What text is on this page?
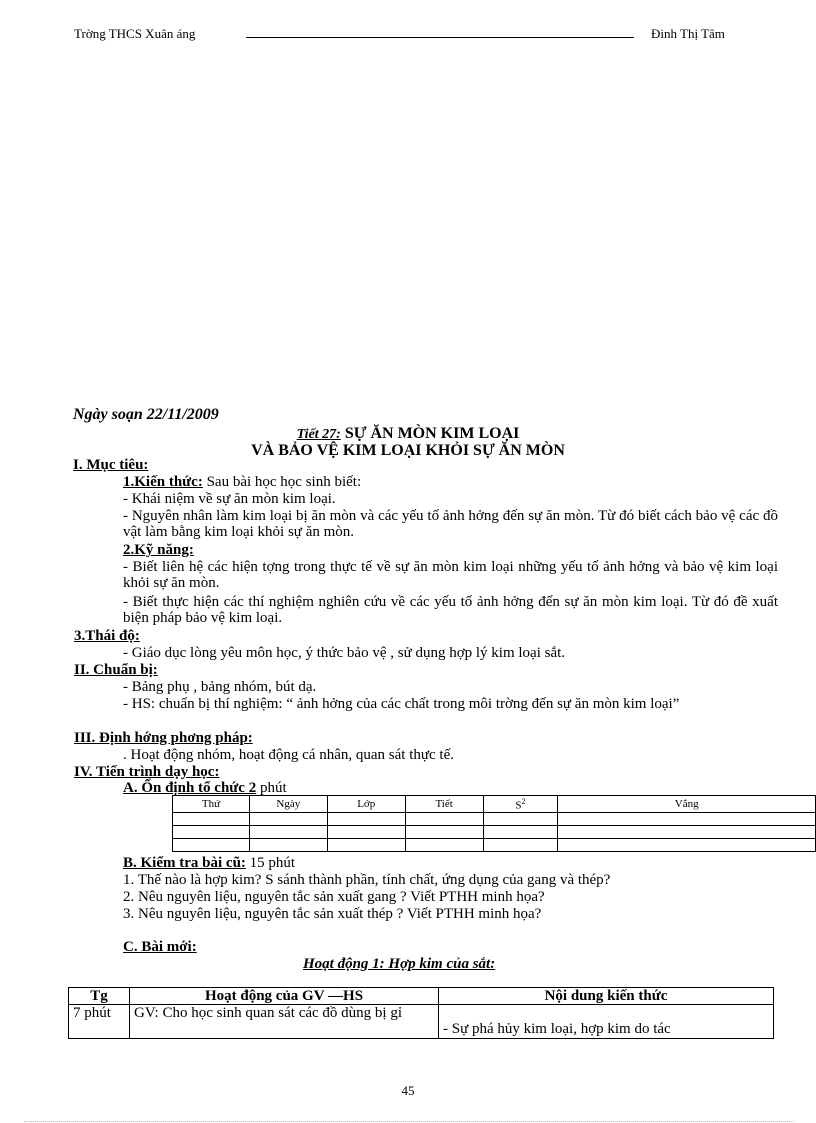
Trờng THCS Xuân áng	Đinh Thị Tâm
Ngày soạn 22/11/2009
Tiết 27: SỰ ĂN MÒN KIM LOẠI
VÀ BẢO VỆ KIM LOẠI KHỎI SỰ ĂN MÒN
I. Mục tiêu:
1.Kiến thức: Sau bài học học sinh biết:
- Khái niệm về sự ăn mòn kim loại.
- Nguyên nhân làm kim loại bị ăn mòn và các yếu tố ảnh hởng đến sự ăn mòn. Từ đó biết cách bảo vệ các đồ vật làm bằng kim loại khỏi sự ăn mòn.
2.Kỹ năng:
- Biết liên hệ các hiện tợng trong thực tế về sự ăn mòn kim loại những yếu tố ảnh hởng và bảo vệ kim loại khỏi sự ăn mòn.
- Biết thực hiện các thí nghiệm nghiên cứu về các yếu tố ảnh hởng đến sự ăn mòn kim loại. Từ đó đề xuất biện pháp bảo vệ kim loại.
3.Thái độ:
- Giáo dục lòng yêu môn học, ý thức bảo vệ , sử dụng hợp lý kim loại sắt.
II. Chuẩn bị:
- Bảng phụ , bảng nhóm, bút dạ.
- HS: chuẩn bị thí nghiệm: “ ảnh hởng của các chất trong môi trờng đến sự ăn mòn kim loại”
III. Định hớng phơng pháp:
. Hoạt động nhóm, hoạt động cá nhân, quan sát thực tế.
IV. Tiến trình dạy học:
A. Ổn định tổ chức 2 phút
Thứ	Ngày	Lớp	Tiết	$S^2$	Vắng

B. Kiểm tra bài cũ: 15 phút
1. Thế nào là hợp kim? S sánh thành phần, tính chất, ứng dụng của gang và thép?
2. Nêu nguyên liệu, nguyên tắc sản xuất gang ? Viết PTHH minh họa?
3. Nêu nguyên liệu, nguyên tắc sản xuất thép ? Viết PTHH minh họa?
C. Bài mới:
Hoạt động 1: Hợp kim của sắt:
Tg	Hoạt động của GV —HS	Nội dung kiến thức
7 phút	GV: Cho học sinh quan sát các đồ dùng bị gỉ	- Sự phá hủy kim loại, hợp kim do tác
45
